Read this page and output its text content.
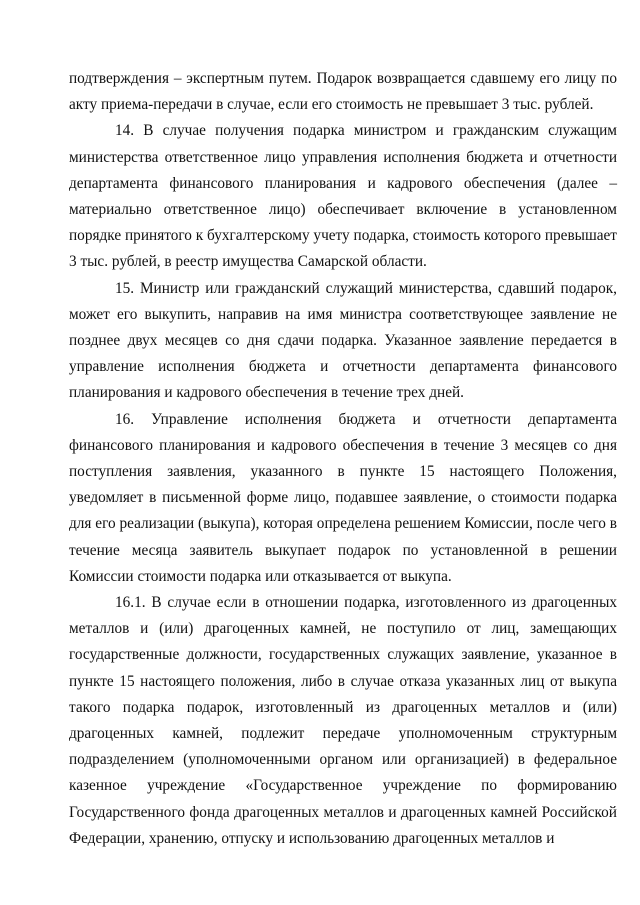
подтверждения – экспертным путем. Подарок возвращается сдавшему его лицу по акту приема-передачи в случае, если его стоимость не превышает 3 тыс. рублей.

14. В случае получения подарка министром и гражданским служащим министерства ответственное лицо управления исполнения бюджета и отчетности департамента финансового планирования и кадрового обеспечения (далее – материально ответственное лицо) обеспечивает включение в установленном порядке принятого к бухгалтерскому учету подарка, стоимость которого превышает 3 тыс. рублей, в реестр имущества Самарской области.

15. Министр или гражданский служащий министерства, сдавший подарок, может его выкупить, направив на имя министра соответствующее заявление не позднее двух месяцев со дня сдачи подарка. Указанное заявление передается в управление исполнения бюджета и отчетности департамента финансового планирования и кадрового обеспечения в течение трех дней.

16. Управление исполнения бюджета и отчетности департамента финансового планирования и кадрового обеспечения в течение 3 месяцев со дня поступления заявления, указанного в пункте 15 настоящего Положения, уведомляет в письменной форме лицо, подавшее заявление, о стоимости подарка для его реализации (выкупа), которая определена решением Комиссии, после чего в течение месяца заявитель выкупает подарок по установленной в решении Комиссии стоимости подарка или отказывается от выкупа.

16.1. В случае если в отношении подарка, изготовленного из драгоценных металлов и (или) драгоценных камней, не поступило от лиц, замещающих государственные должности, государственных служащих заявление, указанное в пункте 15 настоящего положения, либо в случае отказа указанных лиц от выкупа такого подарка подарок, изготовленный из драгоценных металлов и (или) драгоценных камней, подлежит передаче уполномоченным структурным подразделением (уполномоченными органом или организацией) в федеральное казенное учреждение «Государственное учреждение по формированию Государственного фонда драгоценных металлов и драгоценных камней Российской Федерации, хранению, отпуску и использованию драгоценных металлов и
